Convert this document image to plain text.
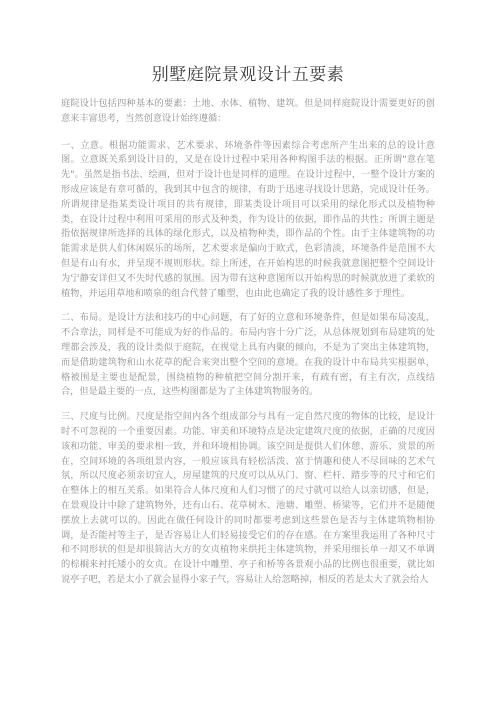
别墅庭院景观设计五要素

庭院设计包括四种基本的要素：土地、水体、植物、建筑。但是同样庭院设计需要更好的创意来丰富思考，当然创意设计始终遵循：

一、立意。根据功能需求、艺术要求、环境条件等因素综合考虑所产生出来的总的设计意图。立意既关系到设计目的，又是在设计过程中采用各种构图手法的根据。正所谓"意在笔先"。虽然是指书法、绘画，但对于设计也是同样的道理。在设计过程中，一整个设计方案的形成应该是有章可循的，我到其中包含的规律，有助于迅速寻找设计思路，完成设计任务。所谓规律是指某类设计项目的共有规律，即某类设计项目可以采用的绿化形式以及植物种类，在设计过程中利用可采用的形式及种类，作为设计的依据，即作品的共性；所谓主题是指依据规律所选择的具体的绿化形式，以及植物种类，即作品的个性。由于主体建筑物的功能需求是供人们休闲娱乐的场所，艺术要求是偏向于欧式，色彩清淡，环境条件是范围不大但是有山有水，并呈现不规则形状。综上所述，在开始构思的时候我就意图把整个空间设计为宁静安详但又不失时代感的氛围。因为带有这种意图所以开始构思的时候就放进了柔软的植物，并运用草地和喷泉的组合代替了雕塑，也由此也确定了我的设计感性多于理性。

二、布局。是设计方法和技巧的中心问题，有了好的立意和环境条件，但是如果布局凌乱，不合章法，同样是不可能成为好的作品的。布局内容十分广泛，从总体规划到布局建筑的处理都会涉及，我的设计类似于庭院，在视觉上具有内聚的倾向，不是为了突出主体建筑物，而是借助建筑物和山水花草的配合来突出整个空间的意境。在我的设计中布局共实根据单，格被围是主要也是配景，围绕植物的种植把空间分割开来，有疏有密，有主有次，点线结合，但是最主要的一点，这些构图都是为了主体建筑物服务的。

三、尺度与比例。尺度是指空间内各个组成部分与具有一定自然尺度的物体的比较，是设计时不可忽视的一个重要因素。功能、审美和环境特点是决定建筑尺度的依据，正确的尺度因该和功能、审美的要求相一致，并和环境相协调。该空间是提供人们休憩、游乐、赏景的所在，空间环境的各项组景内容，一般应该具有轻松活泼、富于情趣和使人不尽回味的艺术气氛，所以尺度必须亲切宜人，房屋建筑的尺度可以从从门、窗、栏杆、踏步等的尺寸和它们在整体上的相互关系。如果符合人体尺度和人们习惯了的尺寸就可以给人以亲切感，但是，在景观设计中除了建筑物外，还有山石、花草树木、池塘、雕塑、桥梁等，它们并不是随便摆放上去就可以的。因此在做任何设计的同时都要考虑到这些景色是否与主体建筑物相协调，是否能衬等主子，是否容易让人们轻易接受它们的存在感。在方案里我运用了各种尺寸和不同形状的但是却很简洁大方的女贞植物来烘托主体建筑物，并采用细长单一却又不单调的棕榈来衬托矮小的女贞。在设计中雕塑、亭子和桥等各景观小品的比例也很重要，就比如说亭子吧，若是太小了就会显得小家子气，容易让人给忽略掉，相反的若是太大了就会给人
